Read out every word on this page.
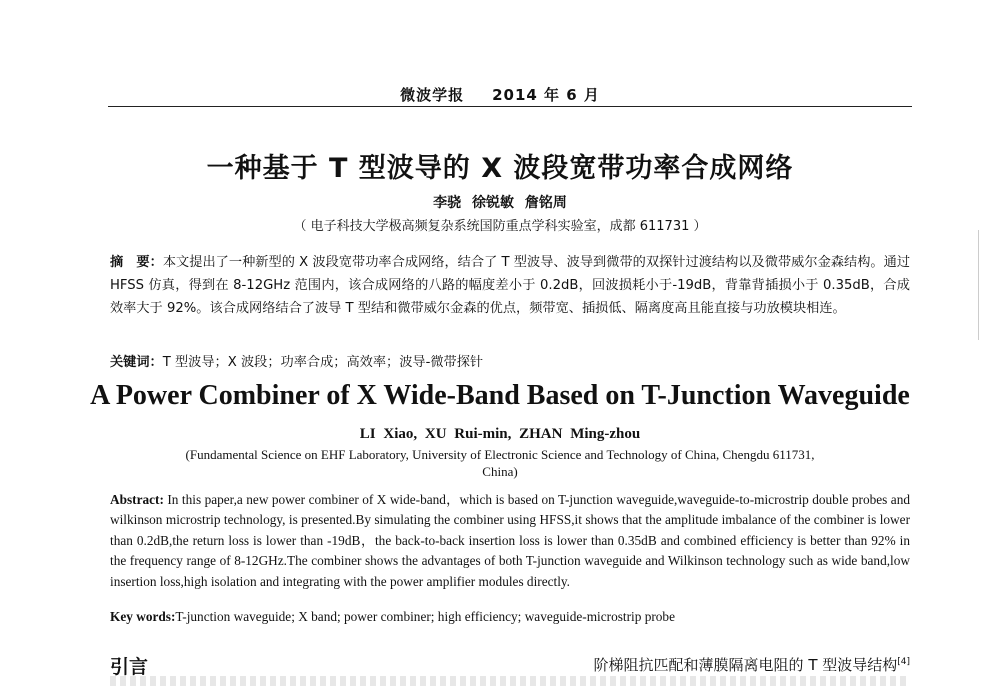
微波学报 2014 年 6 月
一种基于 T 型波导的 X 波段宽带功率合成网络
李骁 徐锐敏 詹铭周
（ 电子科技大学极高频复杂系统国防重点学科实验室，成都 611731 ）
摘　要：本文提出了一种新型的 X 波段宽带功率合成网络，结合了 T 型波导、波导到微带的双探针过渡结构以及微带威尔金森结构。通过 HFSS 仿真，得到在 8-12GHz 范围内，该合成网络的八路的幅度差小于 0.2dB，回波损耗小于-19dB，背靠背插损小于 0.35dB，合成效率大于 92%。该合成网络结合了波导 T 型结和微带威尔金森的优点，频带宽、插损低、隔离度高且能直接与功放模块相连。
关键词：T 型波导；X 波段；功率合成；高效率；波导-微带探针
A Power Combiner of X Wide-Band Based on T-Junction Waveguide
LI Xiao, XU Rui-min, ZHAN Ming-zhou
(Fundamental Science on EHF Laboratory, University of Electronic Science and Technology of China, Chengdu 611731, China)
Abstract: In this paper,a new power combiner of X wide-band，which is based on T-junction waveguide,waveguide-to-microstrip double probes and wilkinson microstrip technology, is presented.By simulating the combiner using HFSS,it shows that the amplitude imbalance of the combiner is lower than 0.2dB,the return loss is lower than -19dB，the back-to-back insertion loss is lower than 0.35dB and combined efficiency is better than 92% in the frequency range of 8-12GHz.The combiner shows the advantages of both T-junction waveguide and Wilkinson technology such as wide band,low insertion loss,high isolation and integrating with the power amplifier modules directly.
Key words:T-junction waveguide; X band; power combiner; high efficiency; waveguide-microstrip probe
引言	阶梯阻抗匹配和薄膜隔离电阻的 T 型波导结构[4]
